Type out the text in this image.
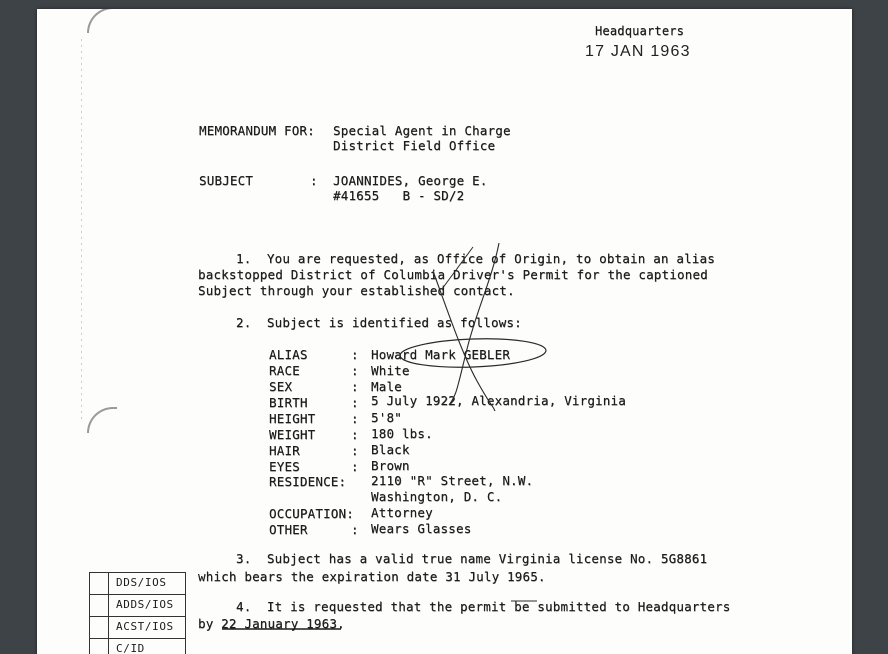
Headquarters
17 JAN 1963
MEMORANDUM FOR: Special Agent in Charge
District Field Office
SUBJECT	: JOANNIDES, George E.
#41655   B - SD/2
1.  You are requested, as Office of Origin, to obtain an alias
backstopped District of Columbia Driver's Permit for the captioned
Subject through your established contact.
2.  Subject is identified as follows:
ALIAS	: Howard Mark GEBLER
RACE	: White
SEX	: Male
BIRTH	: 5 July 1922, Alexandria, Virginia
HEIGHT	: 5'8"
WEIGHT	: 180 lbs.
HAIR	: Black
EYES	: Brown
RESIDENCE: 2110 "R" Street, N.W.
Washington, D. C.
OCCUPATION: Attorney
OTHER	: Wears Glasses
3.  Subject has a valid true name Virginia license No. 5G8861
which bears the expiration date 31 July 1965.
4.  It is requested that the permit be submitted to Headquarters
by 22 January 1963.
DDS/IOS
ADDS/IOS
ACST/IOS
C/ID
